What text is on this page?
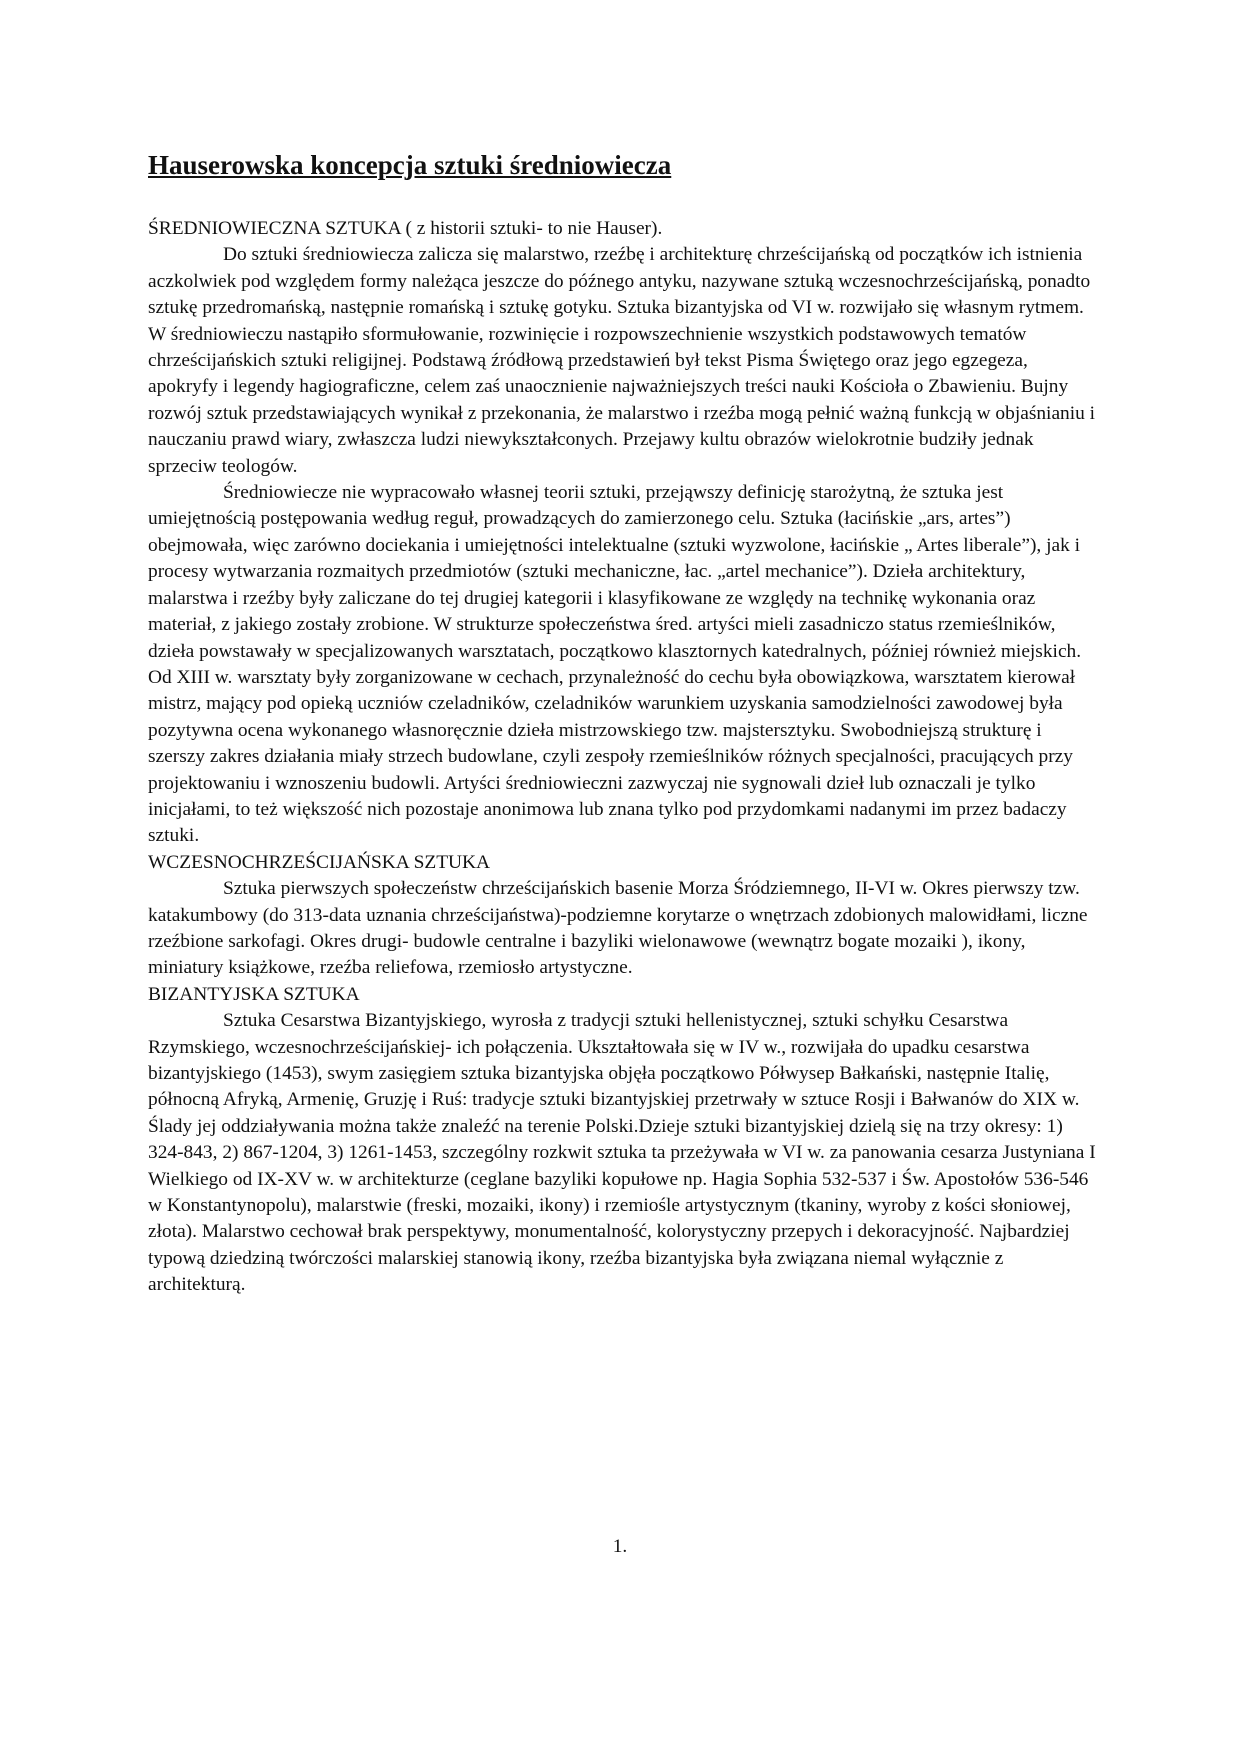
Hauserowska koncepcja sztuki średniowiecza

ŚREDNIOWIECZNA SZTUKA ( z historii sztuki- to nie Hauser).

Do sztuki średniowiecza zalicza się malarstwo, rzeźbę i architekturę chrześcijańską od początków ich istnienia aczkolwiek pod względem formy należąca jeszcze do późnego antyku, nazywane sztuką wczesnochrześcijańską, ponadto sztukę przedromańską, następnie romańską i sztukę gotyku. Sztuka bizantyjska od VI w. rozwijało się własnym rytmem. W średniowieczu nastąpiło sformułowanie, rozwinięcie i rozpowszechnienie wszystkich podstawowych tematów chrześcijańskich sztuki religijnej. Podstawą źródłową przedstawień był tekst Pisma Świętego oraz jego egzegeza, apokryfy i legendy hagiograficzne, celem zaś unaocznienie najważniejszych treści nauki Kościoła o Zbawieniu. Bujny rozwój sztuk przedstawiających wynikał z przekonania, że malarstwo i rzeźba mogą pełnić ważną funkcją w objaśnianiu i nauczaniu prawd wiary, zwłaszcza ludzi niewykształconych. Przejawy kultu obrazów wielokrotnie budziły jednak sprzeciw teologów.

Średniowiecze nie wypracowało własnej teorii sztuki, przejąwszy definicję starożytną, że sztuka jest umiejętnością postępowania według reguł, prowadzących do zamierzonego celu. Sztuka (łacińskie „ars, artes”) obejmowała, więc zarówno dociekania i umiejętności intelektualne (sztuki wyzwolone, łacińskie „ Artes liberale”), jak i procesy wytwarzania rozmaitych przedmiotów (sztuki mechaniczne, łac. „artel mechanice”). Dzieła architektury, malarstwa i rzeźby były zaliczane do tej drugiej kategorii i klasyfikowane ze względy na technikę wykonania oraz materiał, z jakiego zostały zrobione. W strukturze społeczeństwa śred. artyści mieli zasadniczo status rzemieślników, dzieła powstawały w specjalizowanych warsztatach, początkowo klasztornych katedralnych, później również miejskich. Od XIII w. warsztaty były zorganizowane w cechach, przynależność do cechu była obowiązkowa, warsztatem kierował mistrz, mający pod opieką uczniów czeladników, czeladników warunkiem uzyskania samodzielności zawodowej była pozytywna ocena wykonanego własnoręcznie dzieła mistrzowskiego tzw. majstersztyku. Swobodniejszą strukturę i szerszy zakres działania miały strzech budowlane, czyli zespoły rzemieślników różnych specjalności, pracujących przy projektowaniu i wznoszeniu budowli. Artyści średniowieczni zazwyczaj nie sygnowali dzieł lub oznaczali je tylko inicjałami, to też większość nich pozostaje anonimowa lub znana tylko pod przydomkami nadanymi im przez badaczy sztuki.

WCZESNOCHRZEŚCIJAŃSKA SZTUKA

Sztuka pierwszych społeczeństw chrześcijańskich basenie Morza Śródziemnego, II-VI w. Okres pierwszy tzw. katakumbowy (do 313-data uznania chrześcijaństwa)-podziemne korytarze o wnętrzach zdobionych malowidłami, liczne rzeźbione sarkofagi. Okres drugi- budowle centralne i bazyliki wielonawowe (wewnątrz bogate mozaiki ), ikony, miniatury książkowe, rzeźba reliefowa, rzemiosło artystyczne.

BIZANTYJSKA SZTUKA

Sztuka Cesarstwa Bizantyjskiego, wyrosła z tradycji sztuki hellenistycznej, sztuki schyłku Cesarstwa Rzymskiego, wczesnochrześcijańskiej- ich połączenia. Ukształtowała się w IV w., rozwijała do upadku cesarstwa bizantyjskiego (1453), swym zasięgiem sztuka bizantyjska objęła początkowo Półwysep Bałkański, następnie Italię, północną Afryką, Armenię, Gruzję i Ruś: tradycje sztuki bizantyjskiej przetrwały w sztuce Rosji i Bałwanów do XIX w. Ślady jej oddziaływania można także znaleźć na terenie Polski.Dzieje sztuki bizantyjskiej dzielą się na trzy okresy: 1) 324-843, 2) 867-1204, 3) 1261-1453, szczególny rozkwit sztuka ta przeżywała w VI w. za panowania cesarza Justyniana I Wielkiego od IX-XV w. w architekturze (ceglane bazyliki kopułowe np. Hagia Sophia 532-537 i Św. Apostołów 536-546 w Konstantynopolu), malarstwie (freski, mozaiki, ikony) i rzemiośle artystycznym (tkaniny, wyroby z kości słoniowej, złota). Malarstwo cechował brak perspektywy, monumentalność, kolorystyczny przepych i dekoracyjność. Najbardziej typową dziedziną twórczości malarskiej stanowią ikony, rzeźba bizantyjska była związana niemal wyłącznie z architekturą.

1.
